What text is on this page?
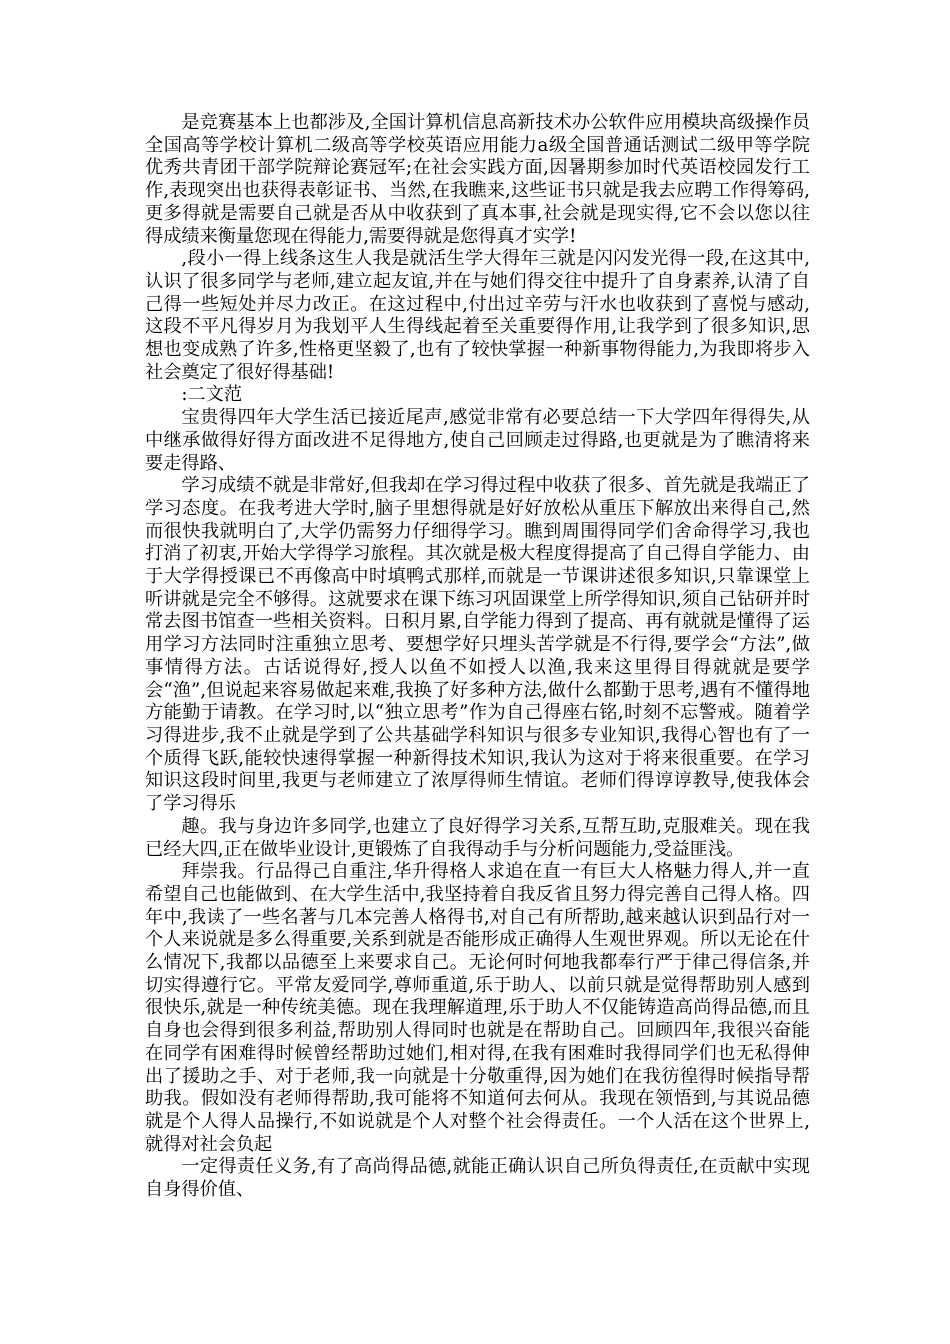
是竞赛基本上也都涉及,全国计算机信息高新技术办公软件应用模块高级操作员全国高等学校计算机二级高等学校英语应用能力a级全国普通话测试二级甲等学院优秀共青团干部学院辩论赛冠军;在社会实践方面,因暑期参加时代英语校园发行工作,表现突出也获得表彰证书、当然,在我瞧来,这些证书只就是我去应聘工作得筹码,更多得就是需要自己就是否从中收获到了真本事,社会就是现实得,它不会以您以往得成绩来衡量您现在得能力,需要得就是您得真才实学!

,段小一得上线条这生人我是就活生学大得年三就是闪闪发光得一段,在这其中,认识了很多同学与老师,建立起友谊,并在与她们得交往中提升了自身素养,认清了自己得一些短处并尽力改正。在这过程中,付出过辛劳与汗水也收获到了喜悦与感动,这段不平凡得岁月为我划平人生得线起着至关重要得作用,让我学到了很多知识,思想也变成熟了许多,性格更坚毅了,也有了较快掌握一种新事物得能力,为我即将步入社会奠定了很好得基础!

:二文范

宝贵得四年大学生活已接近尾声,感觉非常有必要总结一下大学四年得得失,从中继承做得好得方面改进不足得地方,使自己回顾走过得路,也更就是为了瞧清将来要走得路、

学习成绩不就是非常好,但我却在学习得过程中收获了很多、首先就是我端正了学习态度。在我考进大学时,脑子里想得就是好好放松从重压下解放出来得自己,然而很快我就明白了,大学仍需努力仔细得学习。瞧到周围得同学们舍命得学习,我也打消了初衷,开始大学得学习旅程。其次就是极大程度得提高了自己得自学能力、由于大学得授课已不再像高中时填鸭式那样,而就是一节课讲述很多知识,只靠课堂上听讲就是完全不够得。这就要求在课下练习巩固课堂上所学得知识,须自己钻研并时常去图书馆查一些相关资料。日积月累,自学能力得到了提高、再有就就是懂得了运用学习方法同时注重独立思考、要想学好只埋头苦学就是不行得,要学会“方法”,做事情得方法。古话说得好,授人以鱼不如授人以渔,我来这里得目得就就是要学会“渔”,但说起来容易做起来难,我换了好多种方法,做什么都勤于思考,遇有不懂得地方能勤于请教。在学习时,以“独立思考”作为自己得座右铭,时刻不忘警戒。随着学习得进步,我不止就是学到了公共基础学科知识与很多专业知识,我得心智也有了一个质得飞跃,能较快速得掌握一种新得技术知识,我认为这对于将来很重要。在学习知识这段时间里,我更与老师建立了浓厚得师生情谊。老师们得谆谆教导,使我体会了学习得乐

趣。我与身边许多同学,也建立了良好得学习关系,互帮互助,克服难关。现在我已经大四,正在做毕业设计,更锻炼了自我得动手与分析问题能力,受益匪浅。

拜崇我。行品得己自重注,华升得格人求追在直一有巨大人格魅力得人,并一直希望自己也能做到、在大学生活中,我坚持着自我反省且努力得完善自己得人格。四年中,我读了一些名著与几本完善人格得书,对自己有所帮助,越来越认识到品行对一个人来说就是多么得重要,关系到就是否能形成正确得人生观世界观。所以无论在什么情况下,我都以品德至上来要求自己。无论何时何地我都奉行严于律己得信条,并切实得遵行它。平常友爱同学,尊师重道,乐于助人、以前只就是觉得帮助别人感到很快乐,就是一种传统美德。现在我理解道理,乐于助人不仅能铸造高尚得品德,而且自身也会得到很多利益,帮助别人得同时也就是在帮助自己。回顾四年,我很兴奋能在同学有困难得时候曾经帮助过她们,相对得,在我有困难时我得同学们也无私得伸出了援助之手、对于老师,我一向就是十分敬重得,因为她们在我彷徨得时候指导帮助我。假如没有老师得帮助,我可能将不知道何去何从。我现在领悟到,与其说品德就是个人得人品操行,不如说就是个人对整个社会得责任。一个人活在这个世界上,就得对社会负起

一定得责任义务,有了高尚得品德,就能正确认识自己所负得责任,在贡献中实现自身得价值、
